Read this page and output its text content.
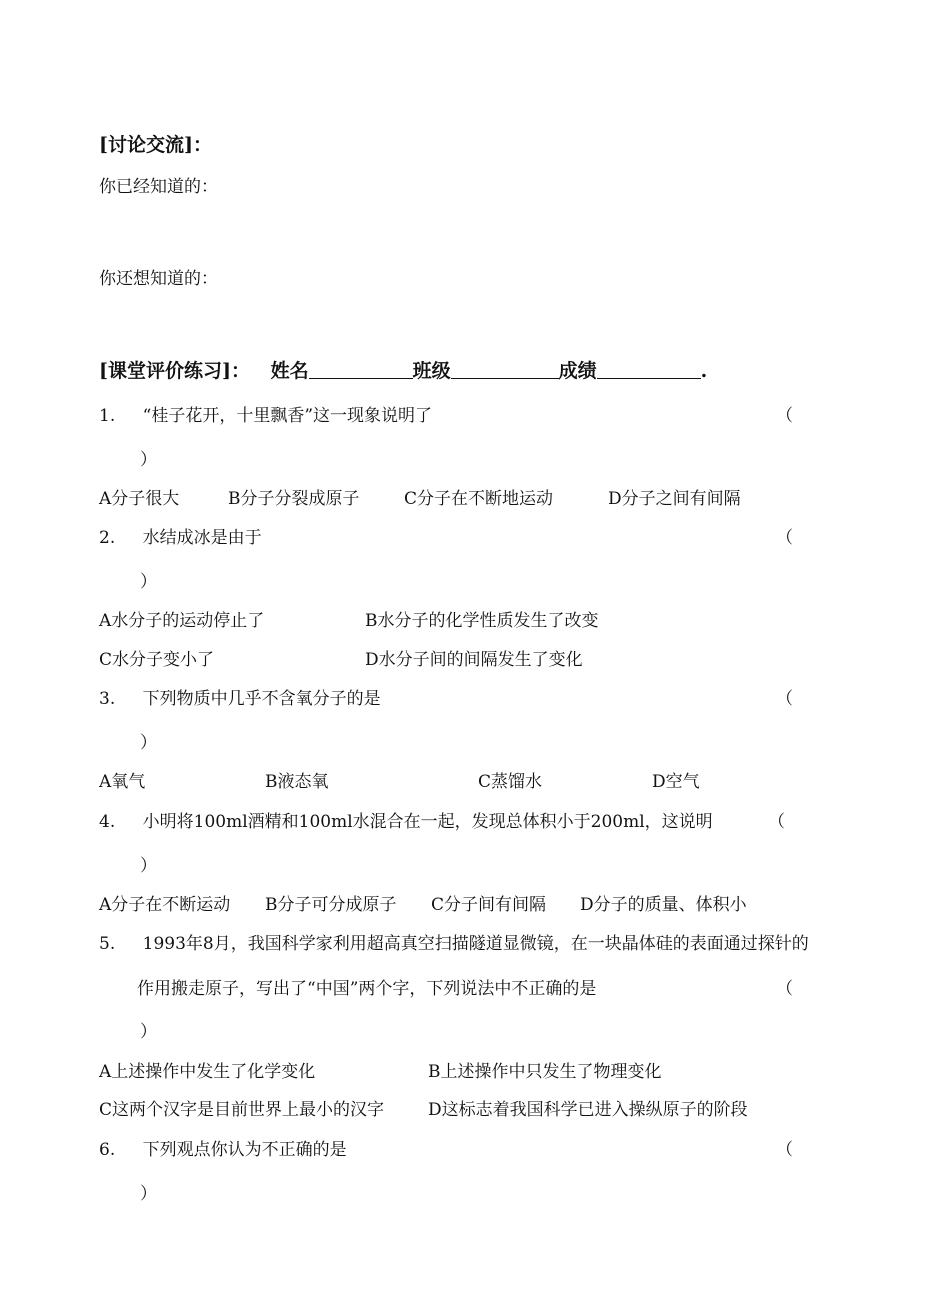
[讨论交流]：
你已经知道的：
你还想知道的：
[课堂评价练习]： 姓名	班级	成绩	.
1. “桂子花开，十里飘香”这一现象说明了	（
）
A分子很大	B分子分裂成原子	C分子在不断地运动	D分子之间有间隔
2. 水结成冰是由于	（
）
A水分子的运动停止了	B水分子的化学性质发生了改变
C水分子变小了	D水分子间的间隔发生了变化
3. 下列物质中几乎不含氧分子的是	（
）
A氧气	B液态氧	C蒸馏水	D空气
4. 小明将100ml酒精和100ml水混合在一起，发现总体积小于200ml，这说明	（
）
A分子在不断运动 B分子可分成原子 C分子间有间隔 D分子的质量、体积小
5. 1993年8月，我国科学家利用超高真空扫描隧道显微镜，在一块晶体硅的表面通过探针的
作用搬走原子，写出了“中国”两个字，下列说法中不正确的是	（
）
A上述操作中发生了化学变化	B上述操作中只发生了物理变化
C这两个汉字是目前世界上最小的汉字	D这标志着我国科学已进入操纵原子的阶段
6. 下列观点你认为不正确的是	（
）
